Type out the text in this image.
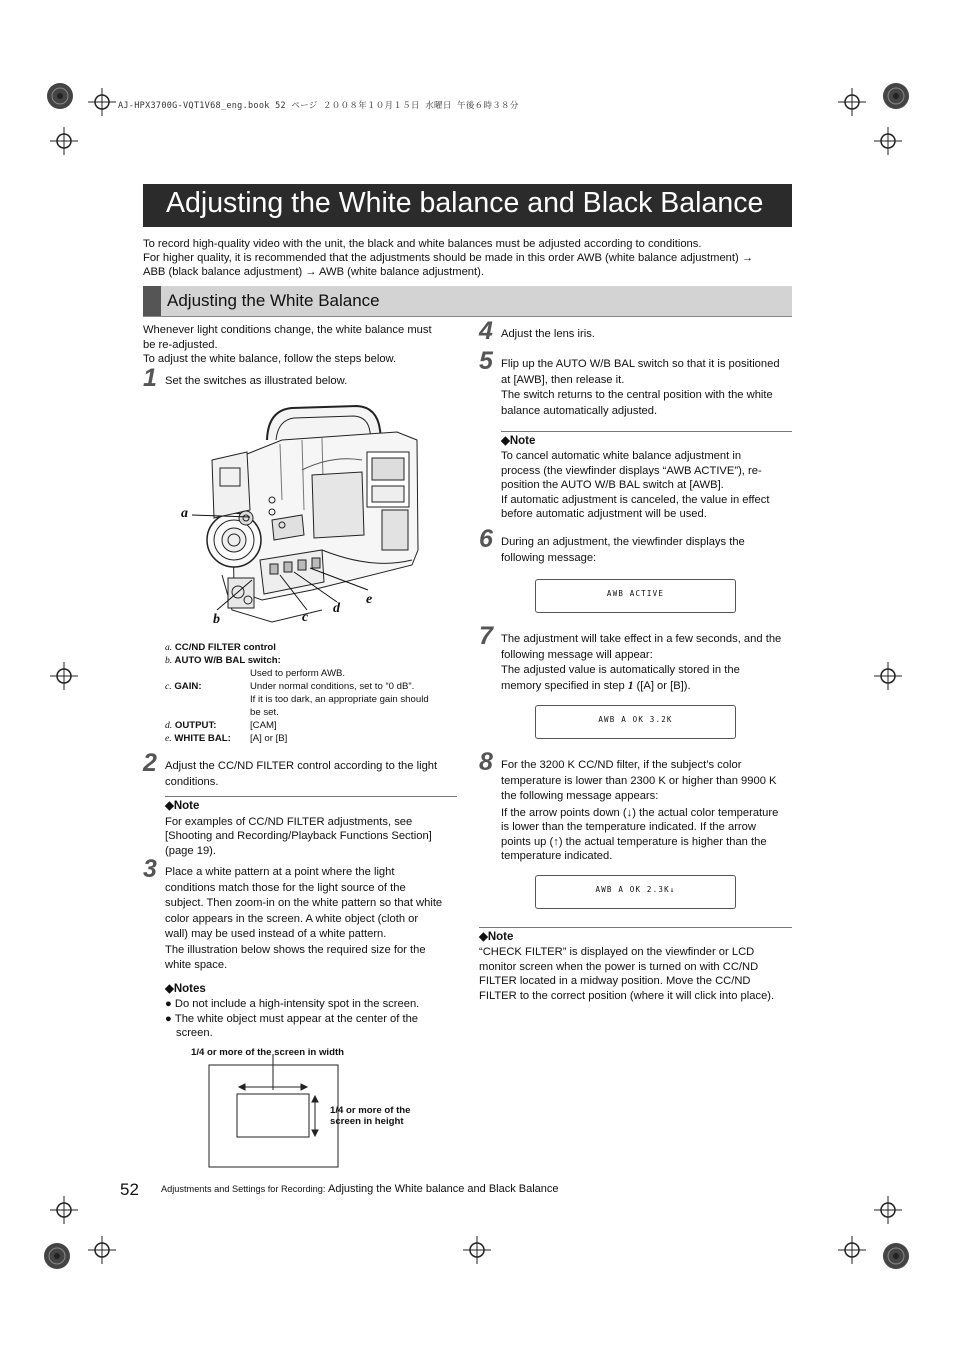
AJ-HPX3700G-VQT1V68_eng.book 52 ページ ２００８年１０月１５日 水曜日 午後６時３８分
Adjusting the White balance and Black Balance

To record high-quality video with the unit, the black and white balances must be adjusted according to conditions.

For higher quality, it is recommended that the adjustments should be made in this order AWB (white balance adjustment) →

ABB (black balance adjustment) → AWB (white balance adjustment).

Adjusting the White Balance

Whenever light conditions change, the white balance must

be re-adjusted.

To adjust the white balance, follow the steps below.

1 Set the switches as illustrated below.
a
b	c
d
e
a. CC/ND FILTER control
b. AUTO W/B BAL switch:
Used to perform AWB.
c. GAIN:	Under normal conditions, set to “0 dB”.
If it is too dark, an appropriate gain should
be set.
d. OUTPUT:	[CAM]
e. WHITE BAL: [A] or [B]
2 Adjust the CC/ND FILTER control according to the light

conditions.

◆Note

For examples of CC/ND FILTER adjustments, see

[Shooting and Recording/Playback Functions Section]

(page 19).

3 Place a white pattern at a point where the light

conditions match those for the light source of the

subject. Then zoom-in on the white pattern so that white

color appears in the screen. A white object (cloth or

wall) may be used instead of a white pattern.

The illustration below shows the required size for the

white space.

◆Notes

● Do not include a high-intensity spot in the screen.

● The white object must appear at the center of the

screen.

1/4 or more of the screen in width
1/4 or more of the
screen in height
4 Adjust the lens iris.
5 Flip up the AUTO W/B BAL switch so that it is positioned

at [AWB], then release it.

The switch returns to the central position with the white

balance automatically adjusted.

◆Note

To cancel automatic white balance adjustment in

process (the viewfinder displays “AWB ACTIVE”), re-

position the AUTO W/B BAL switch at [AWB].

If automatic adjustment is canceled, the value in effect

before automatic adjustment will be used.

6 During an adjustment, the viewfinder displays the

following message:

AWB ACTIVE
7 The adjustment will take effect in a few seconds, and the

following message will appear:

The adjusted value is automatically stored in the

memory specified in step 1 ([A] or [B]).

AWB A OK 3.2K
8 For the 3200 K CC/ND filter, if the subject’s color

temperature is lower than 2300 K or higher than 9900 K

the following message appears:

If the arrow points down (↓) the actual color temperature

is lower than the temperature indicated. If the arrow

points up (↑) the actual temperature is higher than the

temperature indicated.

AWB A OK 2.3K↓
◆Note

“CHECK FILTER” is displayed on the viewfinder or LCD

monitor screen when the power is turned on with CC/ND

FILTER located in a midway position. Move the CC/ND

FILTER to the correct position (where it will click into place).

52 Adjustments and Settings for Recording: Adjusting the White balance and Black Balance
